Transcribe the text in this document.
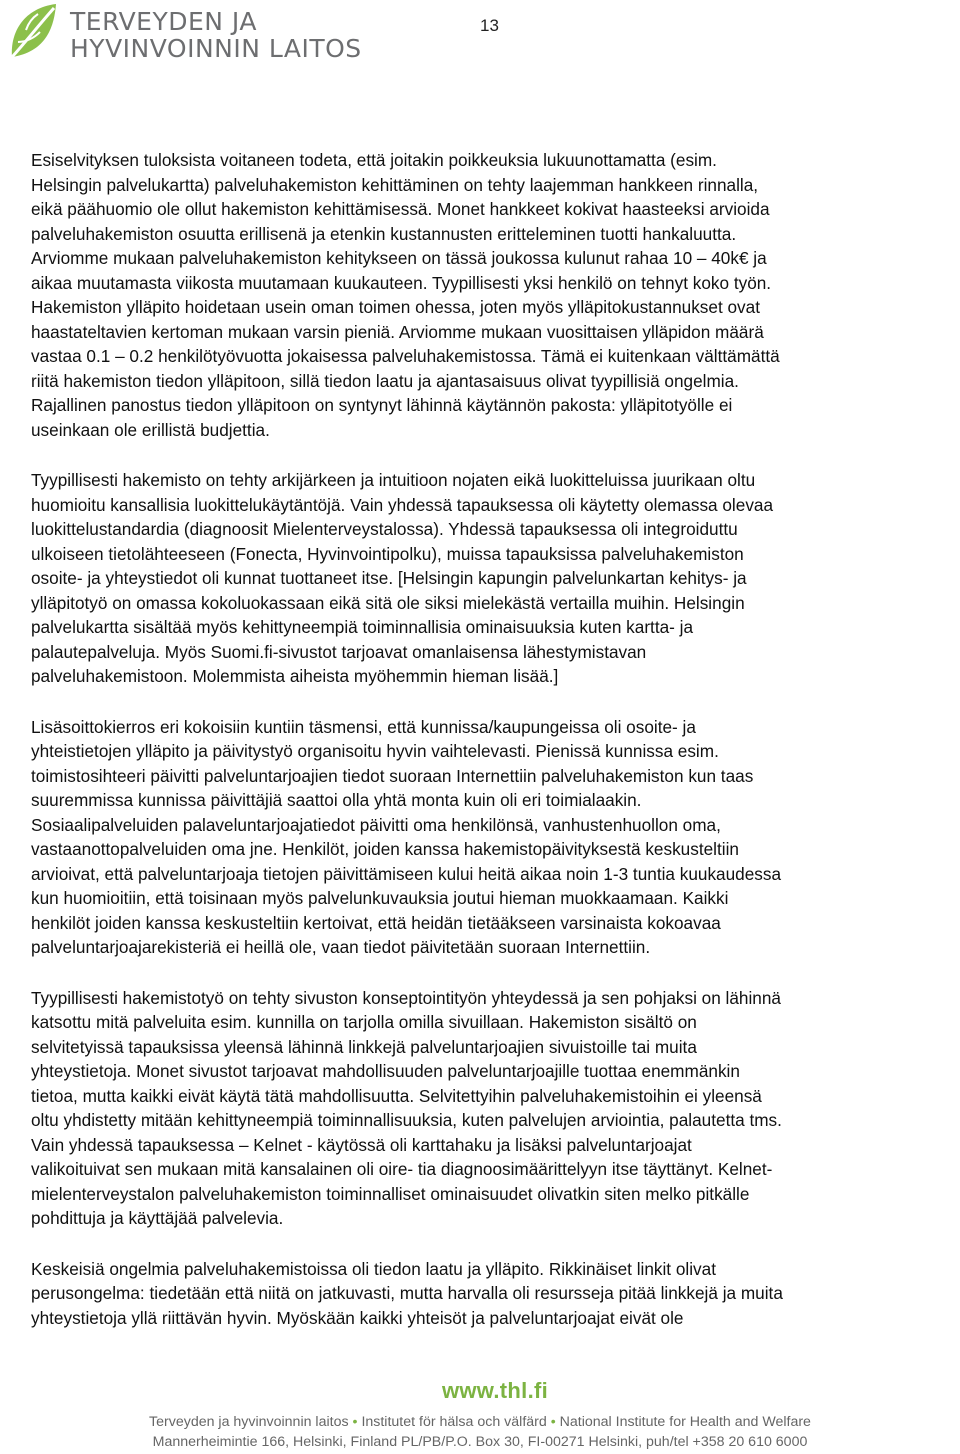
TERVEYDEN JA
HYVINVOINNIN LAITOS
13

Esiselvityksen tuloksista voitaneen todeta, että joitakin poikkeuksia lukuunottamatta (esim.
Helsingin palvelukartta) palveluhakemiston kehittäminen on tehty laajemman hankkeen rinnalla,
eikä päähuomio ole ollut hakemiston kehittämisessä. Monet hankkeet kokivat haasteeksi arvioida
palveluhakemiston osuutta erillisenä ja etenkin kustannusten eritteleminen tuotti hankaluutta.
Arviomme mukaan palveluhakemiston kehitykseen on tässä joukossa kulunut rahaa 10 ‒ 40k€ ja
aikaa muutamasta viikosta muutamaan kuukauteen. Tyypillisesti yksi henkilö on tehnyt koko työn.
Hakemiston ylläpito hoidetaan usein oman toimen ohessa, joten myös ylläpitokustannukset ovat
haastateltavien kertoman mukaan varsin pieniä. Arviomme mukaan vuosittaisen ylläpidon määrä
vastaa 0.1 ‒ 0.2 henkilötyövuotta jokaisessa palveluhakemistossa. Tämä ei kuitenkaan välttämättä
riitä hakemiston tiedon ylläpitoon, sillä tiedon laatu ja ajantasaisuus olivat tyypillisiä ongelmia.
Rajallinen panostus tiedon ylläpitoon on syntynyt lähinnä käytännön pakosta: ylläpitotyölle ei
useinkaan ole erillistä budjettia.

Tyypillisesti hakemisto on tehty arkijärkeen ja intuitioon nojaten eikä luokitteluissa juurikaan oltu
huomioitu kansallisia luokittelukäytäntöjä. Vain yhdessä tapauksessa oli käytetty olemassa olevaa
luokittelustandardia (diagnoosit Mielenterveystalossa). Yhdessä tapauksessa oli integroiduttu
ulkoiseen tietolähteeseen (Fonecta, Hyvinvointipolku), muissa tapauksissa palveluhakemiston
osoite- ja yhteystiedot oli kunnat tuottaneet itse. [Helsingin kapungin palvelunkartan kehitys- ja
ylläpitotyö on omassa kokoluokassaan eikä sitä ole siksi mielekästä vertailla muihin. Helsingin
palvelukartta sisältää myös kehittyneempiä toiminnallisia ominaisuuksia kuten kartta- ja
palautepalveluja. Myös Suomi.fi-sivustot tarjoavat omanlaisensa lähestymistavan
palveluhakemistoon. Molemmista aiheista myöhemmin hieman lisää.]

Lisäsoittokierros eri kokoisiin kuntiin täsmensi, että kunnissa/kaupungeissa oli osoite- ja
yhteistietojen ylläpito ja päivitystyö organisoitu hyvin vaihtelevasti. Pienissä kunnissa esim.
toimistosihteeri päivitti palveluntarjoajien tiedot suoraan Internettiin palveluhakemiston kun taas
suuremmissa kunnissa päivittäjiä saattoi olla yhtä monta kuin oli eri toimialaakin.
Sosiaalipalveluiden palaveluntarjoajatiedot päivitti oma henkilönsä, vanhustenhuollon oma,
vastaanottopalveluiden oma jne. Henkilöt, joiden kanssa hakemistopäivityksestä keskusteltiin
arvioivat, että palveluntarjoaja tietojen päivittämiseen kului heitä aikaa noin 1-3 tuntia kuukaudessa
kun huomioitiin, että toisinaan myös palvelunkuvauksia joutui hieman muokkaamaan. Kaikki
henkilöt joiden kanssa keskusteltiin kertoivat, että heidän tietääkseen varsinaista kokoavaa
palveluntarjoajarekisteriä ei heillä ole, vaan tiedot päivitetään suoraan Internettiin.

Tyypillisesti hakemistotyö on tehty sivuston konseptointityön yhteydessä ja sen pohjaksi on lähinnä
katsottu mitä palveluita esim. kunnilla on tarjolla omilla sivuillaan. Hakemiston sisältö on
selvitetyissä tapauksissa yleensä lähinnä linkkejä palveluntarjoajien sivuistoille tai muita
yhteystietoja. Monet sivustot tarjoavat mahdollisuuden palveluntarjoajille tuottaa enemmänkin
tietoa, mutta kaikki eivät käytä tätä mahdollisuutta. Selvitettyihin palveluhakemistoihin ei yleensä
oltu yhdistetty mitään kehittyneempiä toiminnallisuuksia, kuten palvelujen arviointia, palautetta tms.
Vain yhdessä tapauksessa ‒ Kelnet - käytössä oli karttahaku ja lisäksi palveluntarjoajat
valikoituivat sen mukaan mitä kansalainen oli oire- tia diagnoosimäärittelyyn itse täyttänyt. Kelnet-
mielenterveystalon palveluhakemiston toiminnalliset ominaisuudet olivatkin siten melko pitkälle
pohdittuja ja käyttäjää palvelevia.

Keskeisiä ongelmia palveluhakemistoissa oli tiedon laatu ja ylläpito. Rikkinäiset linkit olivat
perusongelma: tiedetään että niitä on jatkuvasti, mutta harvalla oli resursseja pitää linkkejä ja muita
yhteystietoja yllä riittävän hyvin. Myöskään kaikki yhteisöt ja palveluntarjoajat eivät ole

www.thl.fi
Terveyden ja hyvinvoinnin laitos • Institutet för hälsa och välfärd • National Institute for Health and Welfare
Mannerheimintie 166, Helsinki, Finland PL/PB/P.O. Box 30, FI-00271 Helsinki, puh/tel +358 20 610 6000
